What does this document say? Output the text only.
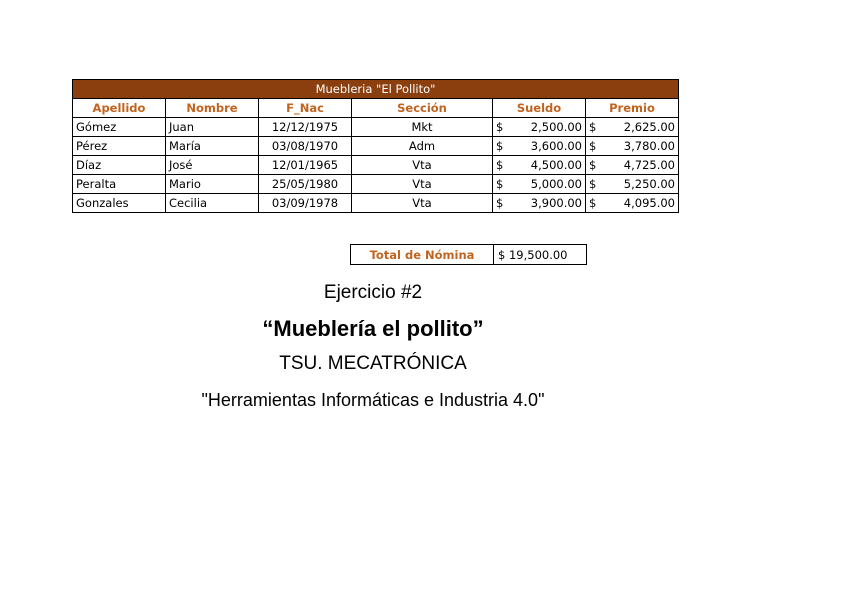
Muebleria "El Pollito"					
Apellido	Nombre	F_Nac	Sección	Sueldo	Premio
Gómez	Juan	12/12/1975	Mkt	$ 2,500.00	$ 2,625.00

Pérez	María	03/08/1970	Adm	$ 3,600.00	$ 3,780.00

Díaz	José	12/01/1965	Vta	$ 4,500.00	$ 4,725.00

Peralta	Mario	25/05/1980	Vta	$ 5,000.00	$ 5,250.00

Gonzales	Cecilia	03/09/1978	Vta	$ 3,900.00	$ 4,095.00
Total de Nómina	$ 19,500.00
Ejercicio #2
“Mueblería el pollito”
TSU. MECATRÓNICA
"Herramientas Informáticas e Industria 4.0"
